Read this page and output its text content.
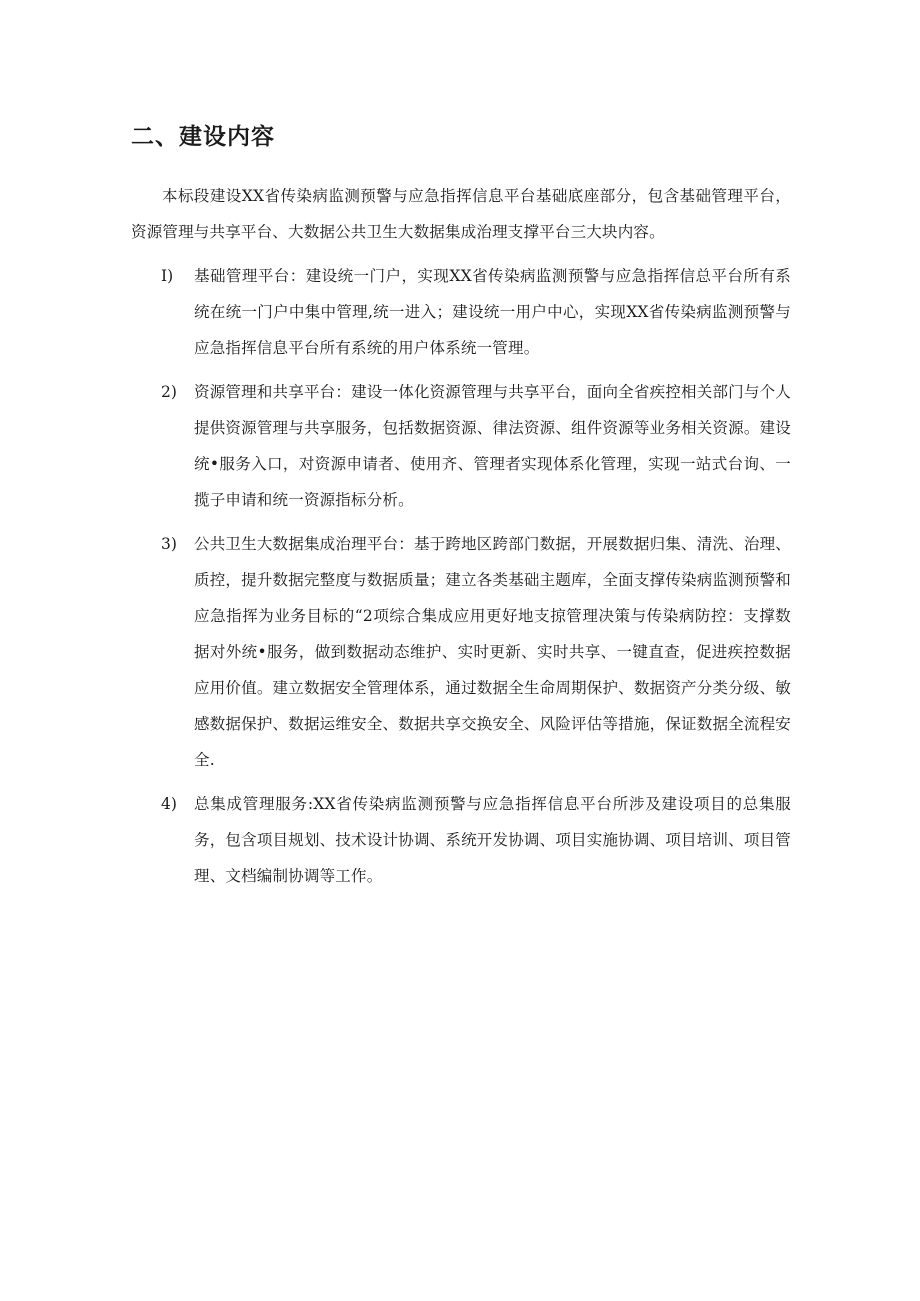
二、建设内容

本标段建设XX省传染病监测预警与应急指挥信息平台基础底座部分，包含基础管理平台，资源管理与共享平台、大数据公共卫生大数据集成治理支撑平台三大块内容。

I) 基础管理平台：建设统一门户，实现XX省传染病监测预警与应急指挥信总平台所有系统在统一门户中集中管理,统一进入；建设统一用户中心，实现XX省传染病监测预警与应急指挥信息平台所有系统的用户体系统一管理。

2) 资源管理和共享平台：建设一体化资源管理与共享平台，面向全省疾控相关部门与个人提供资源管理与共享服务，包括数据资源、律法资源、组件资源等业务相关资源。建设统•服务入口，对资源申请者、使用齐、管理者实现体系化管理，实现一站式台询、一揽子申请和统一资源指标分析。

3) 公共卫生大数据集成治理平台：基于跨地区跨部门数据，开展数据归集、清洗、治理、质控，提升数据完整度与数据质量；建立各类基础主题库，全面支撑传染病监测预警和应急指挥为业务目标的“2项综合集成应用更好地支掠管理决策与传染病防控：支撑数据对外统•服务，做到数据动态维护、实时更新、实时共享、一键直查，促进疾控数据应用价值。建立数据安全管理体系，通过数据全生命周期保护、数据资产分类分级、敏感数据保护、数据运维安全、数据共享交换安全、风险评估等措施，保证数据全流程安全.

4) 总集成管理服务:XX省传染病监测预警与应急指挥信息平台所涉及建设项目的总集服务，包含项目规划、技术设计协调、系统开发协调、项目实施协调、项目培训、项目管理、文档编制协调等工作。
